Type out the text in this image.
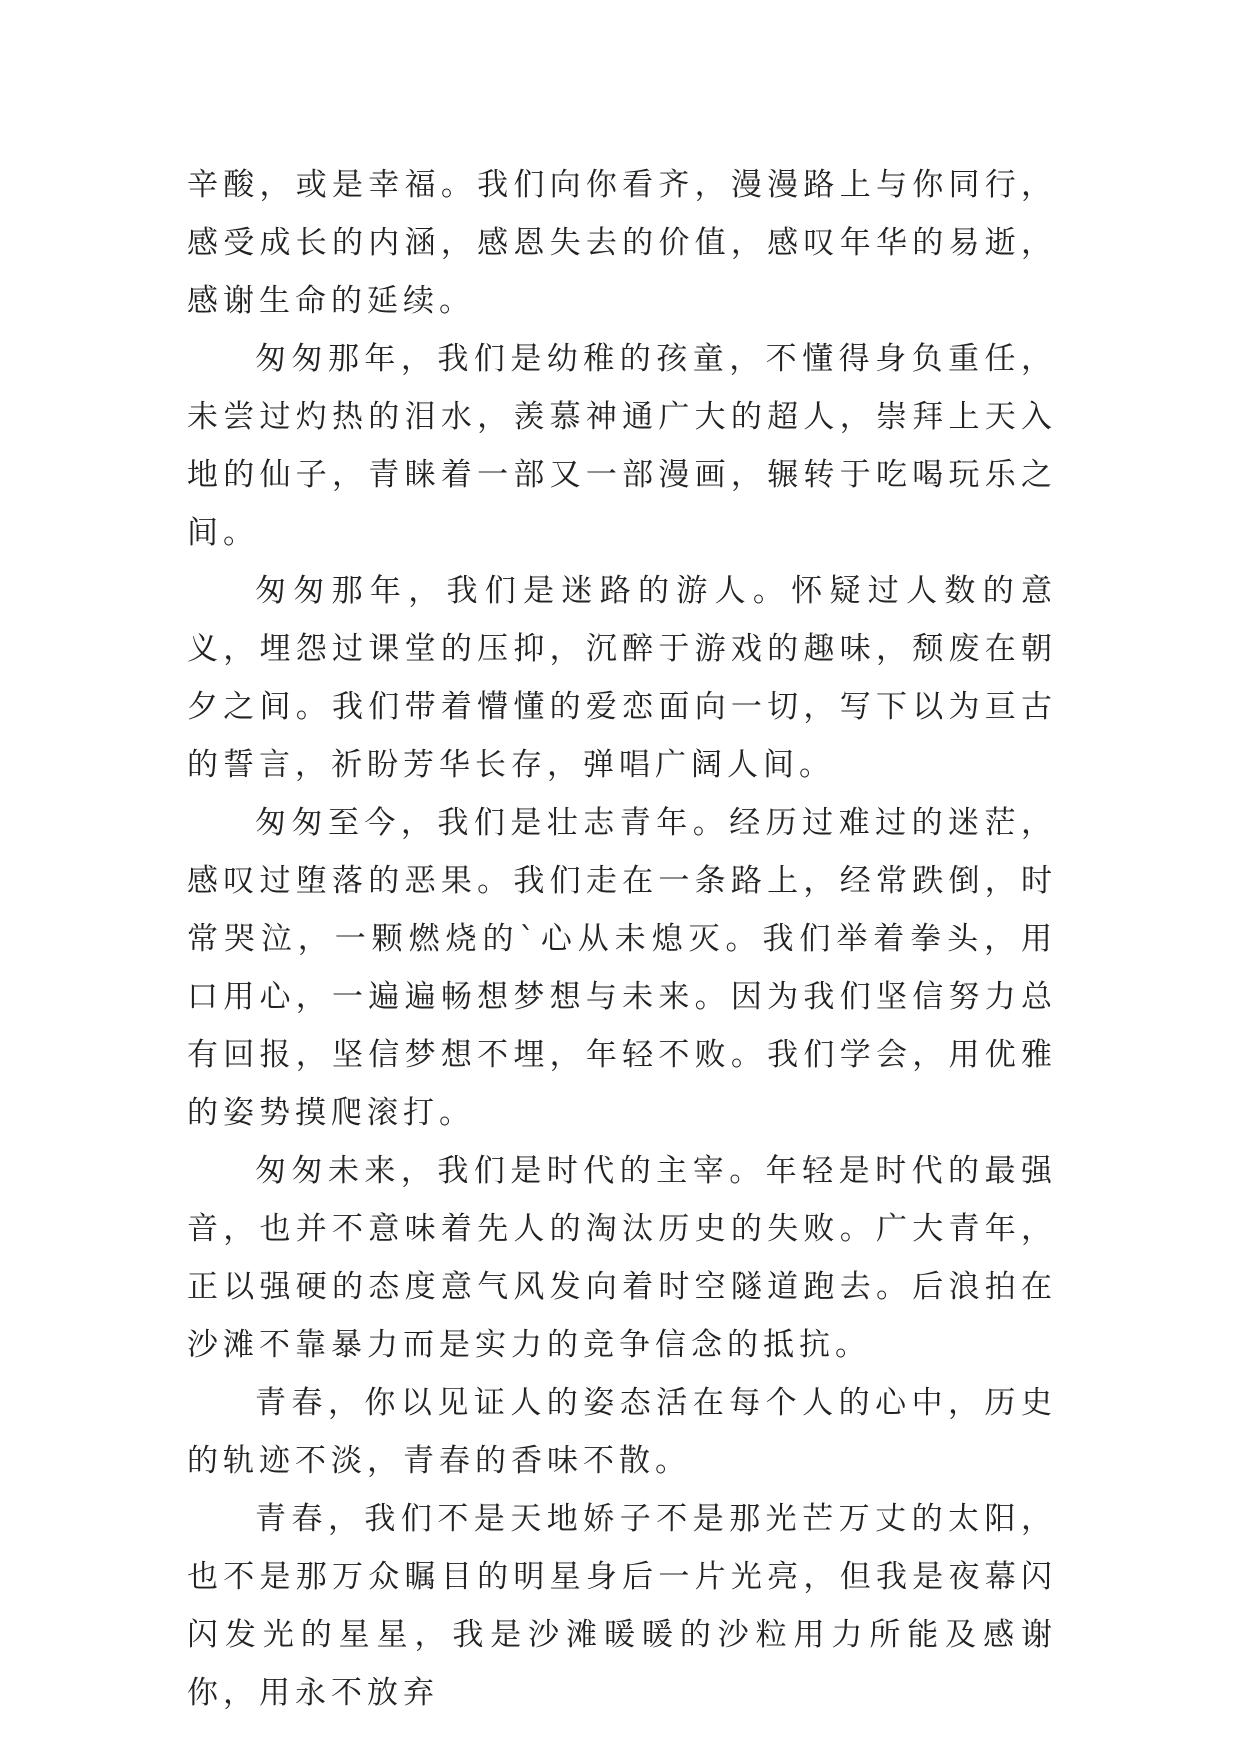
辛酸，或是幸福。我们向你看齐，漫漫路上与你同行，感受成长的内涵，感恩失去的价值，感叹年华的易逝，感谢生命的延续。

匆匆那年，我们是幼稚的孩童，不懂得身负重任，未尝过灼热的泪水，羡慕神通广大的超人，崇拜上天入地的仙子，青睐着一部又一部漫画，辗转于吃喝玩乐之间。

匆匆那年，我们是迷路的游人。怀疑过人数的意义，埋怨过课堂的压抑，沉醉于游戏的趣味，颓废在朝夕之间。我们带着懵懂的爱恋面向一切，写下以为亘古的誓言，祈盼芳华长存，弹唱广阔人间。

匆匆至今，我们是壮志青年。经历过难过的迷茫，感叹过堕落的恶果。我们走在一条路上，经常跌倒，时常哭泣，一颗燃烧的`心从未熄灭。我们举着拳头，用口用心，一遍遍畅想梦想与未来。因为我们坚信努力总有回报，坚信梦想不埋，年轻不败。我们学会，用优雅的姿势摸爬滚打。

匆匆未来，我们是时代的主宰。年轻是时代的最强音，也并不意味着先人的淘汰历史的失败。广大青年，正以强硬的态度意气风发向着时空隧道跑去。后浪拍在沙滩不靠暴力而是实力的竞争信念的抵抗。

青春，你以见证人的姿态活在每个人的心中，历史的轨迹不淡，青春的香味不散。

青春，我们不是天地娇子不是那光芒万丈的太阳，也不是那万众瞩目的明星身后一片光亮，但我是夜幕闪闪发光的星星，我是沙滩暖暖的沙粒用力所能及感谢你，用永不放弃
